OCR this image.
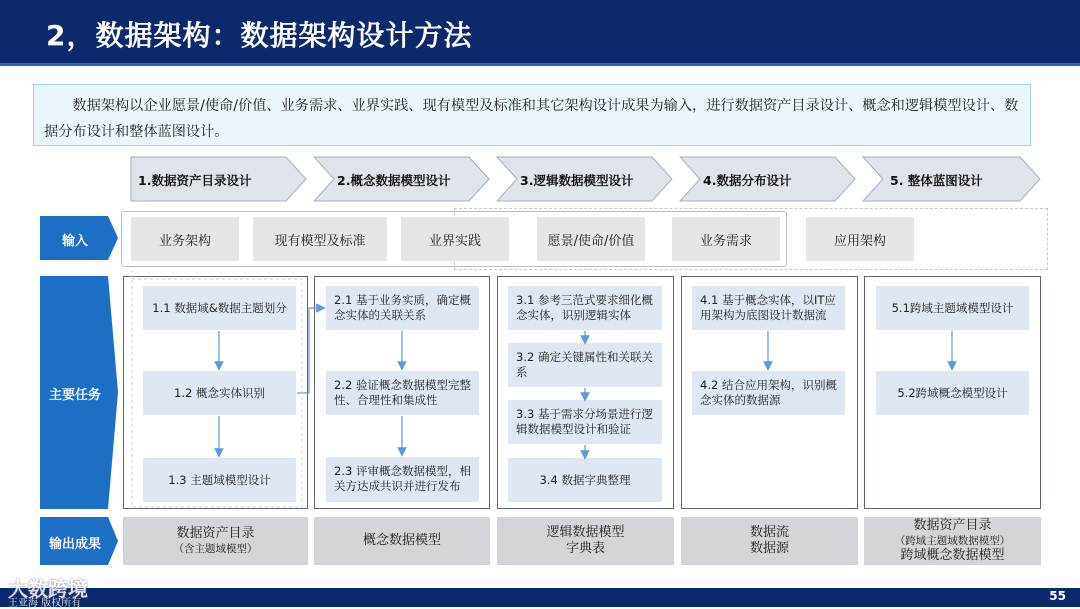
2，数据架构：数据架构设计方法
数据架构以企业愿景/使命/价值、业务需求、业界实践、现有模型及标准和其它架构设计成果为输入，进行数据资产目录设计、概念和逻辑模型设计、数据分布设计和整体蓝图设计。
1.数据资产目录设计	2.概念数据模型设计	3.逻辑数据模型设计	4.数据分布设计	5. 整体蓝图设计
输入
主要任务
输出成果
业务架构	现有模型及标准	业界实践	愿景/使命/价值	业务需求	应用架构
1.1 数据域&数据主题划分
1.2 概念实体识别
1.3 主题域模型设计
2.1 基于业务实质，确定概念实体的关联关系
2.2 验证概念数据模型完整性、合理性和集成性
2.3 评审概念数据模型，相关方达成共识并进行发布
3.1 参考三范式要求细化概念实体，识别逻辑实体
3.2 确定关键属性和关联关系
3.3 基于需求分场景进行逻辑数据模型设计和验证
3.4 数据字典整理
4.1 基于概念实体，以IT应用架构为底图设计数据流
4.2 结合应用架构，识别概念实体的数据源
5.1跨域主题域模型设计
5.2跨域概念模型设计
数据资产目录
（含主题域模型）
概念数据模型
逻辑数据模型
字典表
数据流
数据源
数据资产目录
（跨域主题域数据模型）
跨域概念数据模型
55
大数跨境
王亚海 版权所有
